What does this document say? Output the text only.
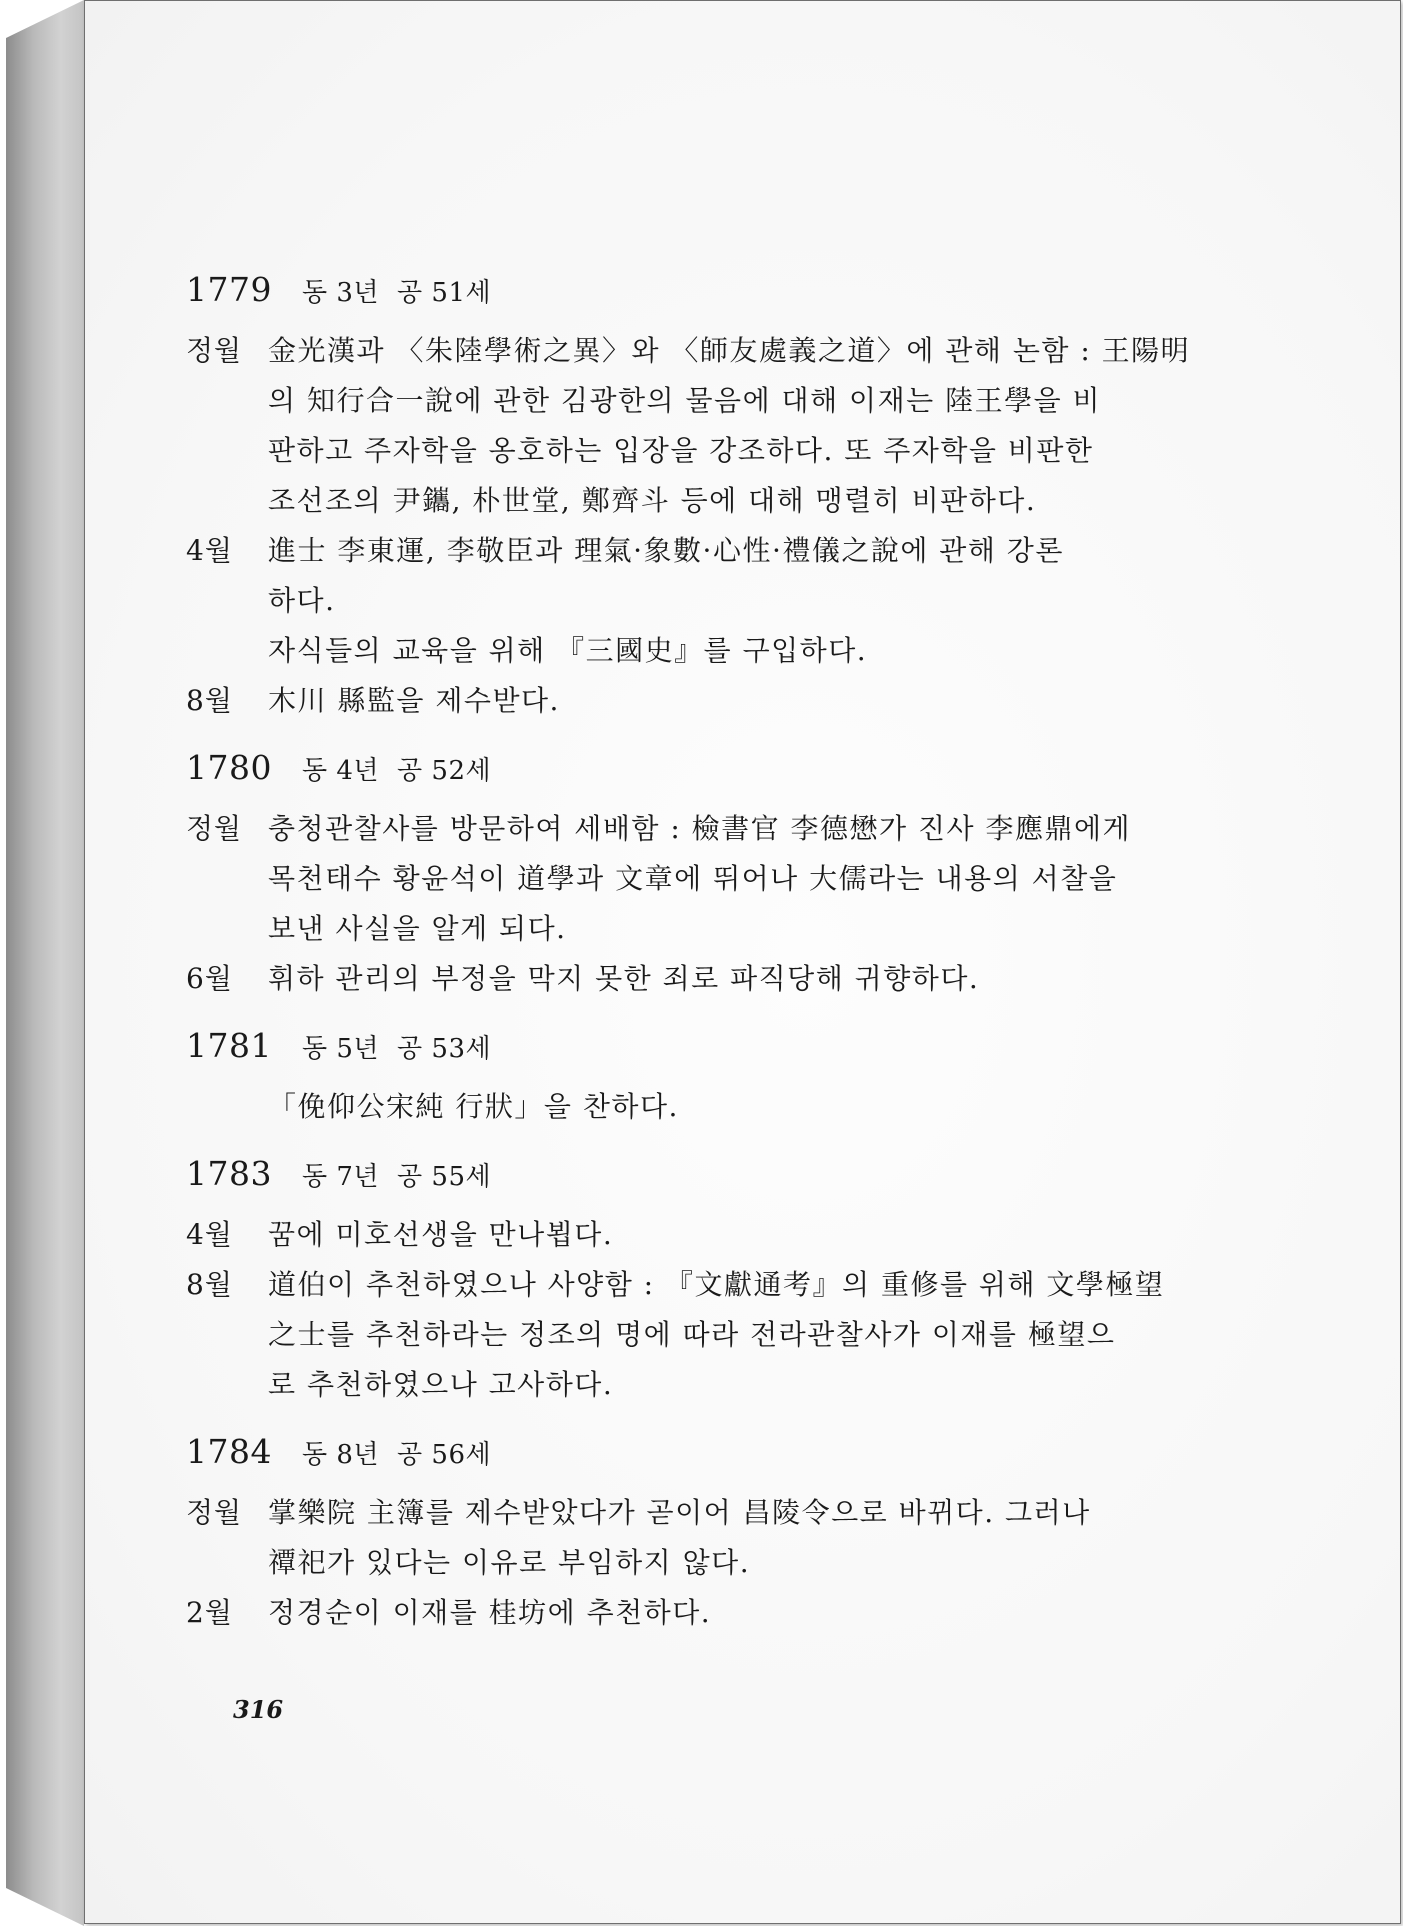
1779	동 3년 공 51세
정월 金光漢과 〈朱陸學術之異〉와 〈師友處義之道〉에 관해 논함 : 王陽明
의 知行合一說에 관한 김광한의 물음에 대해 이재는 陸王學을 비
판하고 주자학을 옹호하는 입장을 강조하다. 또 주자학을 비판한
조선조의 尹鑴, 朴世堂, 鄭齊斗 등에 대해 맹렬히 비판하다.
4월	進士 李東運, 李敬臣과 理氣·象數·心性·禮儀之說에 관해 강론
하다.
자식들의 교육을 위해 『三國史』를 구입하다.
8월	木川 縣監을 제수받다.
1780	동 4년 공 52세
정월 충청관찰사를 방문하여 세배함 : 檢書官 李德懋가 진사 李應鼎에게
목천태수 황윤석이 道學과 文章에 뛰어나 大儒라는 내용의 서찰을
보낸 사실을 알게 되다.
6월	휘하 관리의 부정을 막지 못한 죄로 파직당해 귀향하다.
1781	동 5년 공 53세
「俛仰公宋純 行狀」을 찬하다.
1783	동 7년 공 55세
4월	꿈에 미호선생을 만나뵙다.
8월	道伯이 추천하였으나 사양함 : 『文獻通考』의 重修를 위해 文學極望
之士를 추천하라는 정조의 명에 따라 전라관찰사가 이재를 極望으
로 추천하였으나 고사하다.
1784	동 8년 공 56세
정월 掌樂院 主簿를 제수받았다가 곧이어 昌陵令으로 바뀌다. 그러나
禫祀가 있다는 이유로 부임하지 않다.
2월	정경순이 이재를 桂坊에 추천하다.
316
